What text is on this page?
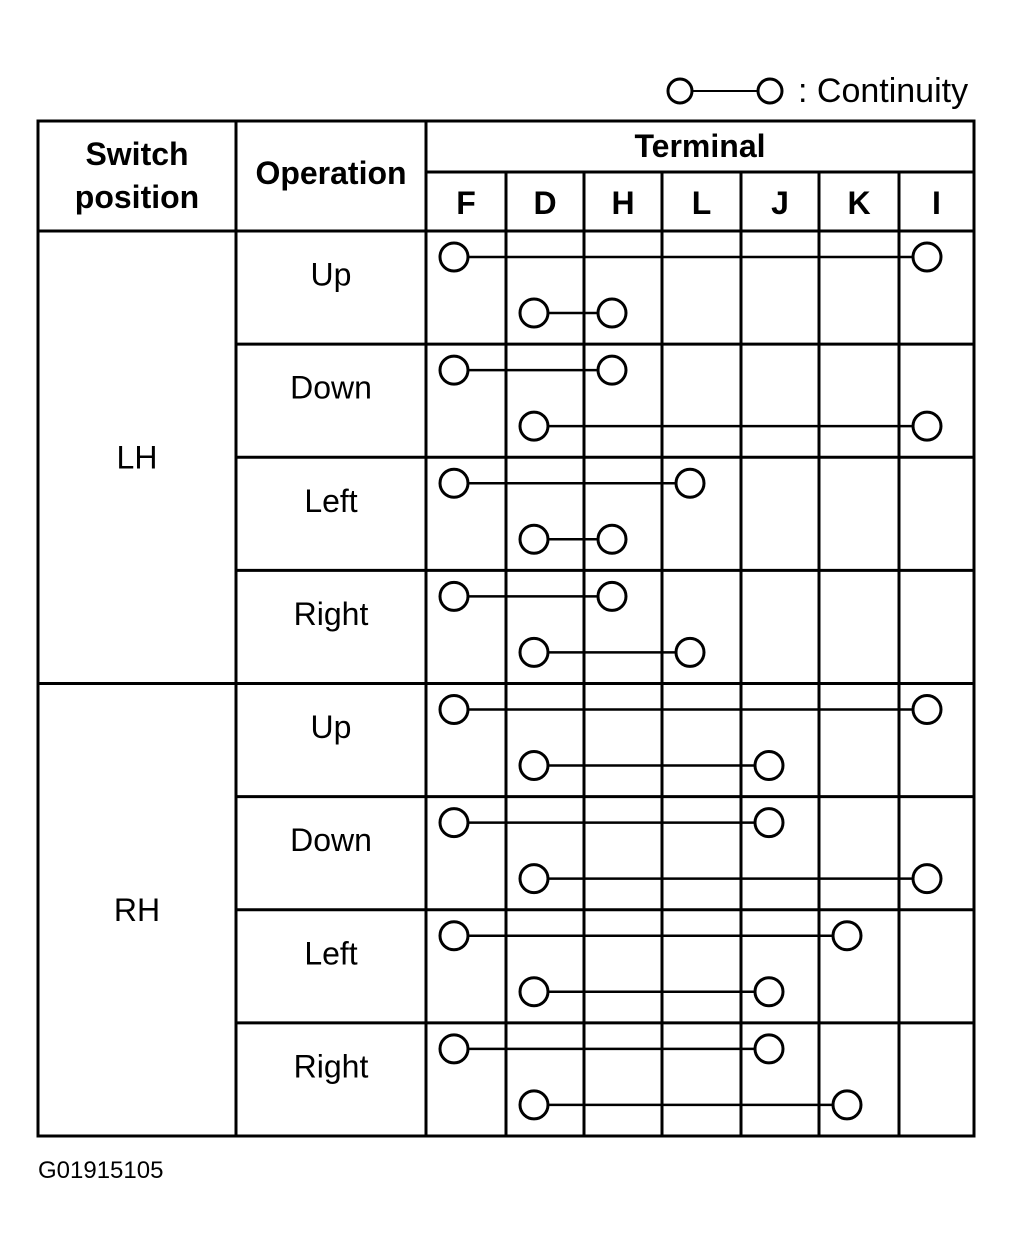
: Continuity
Switch
position
Operation
Terminal
F D H L J K I
LH
Up
Down
Left
Right
RH
Up
Down
Left
Right
G01915105
